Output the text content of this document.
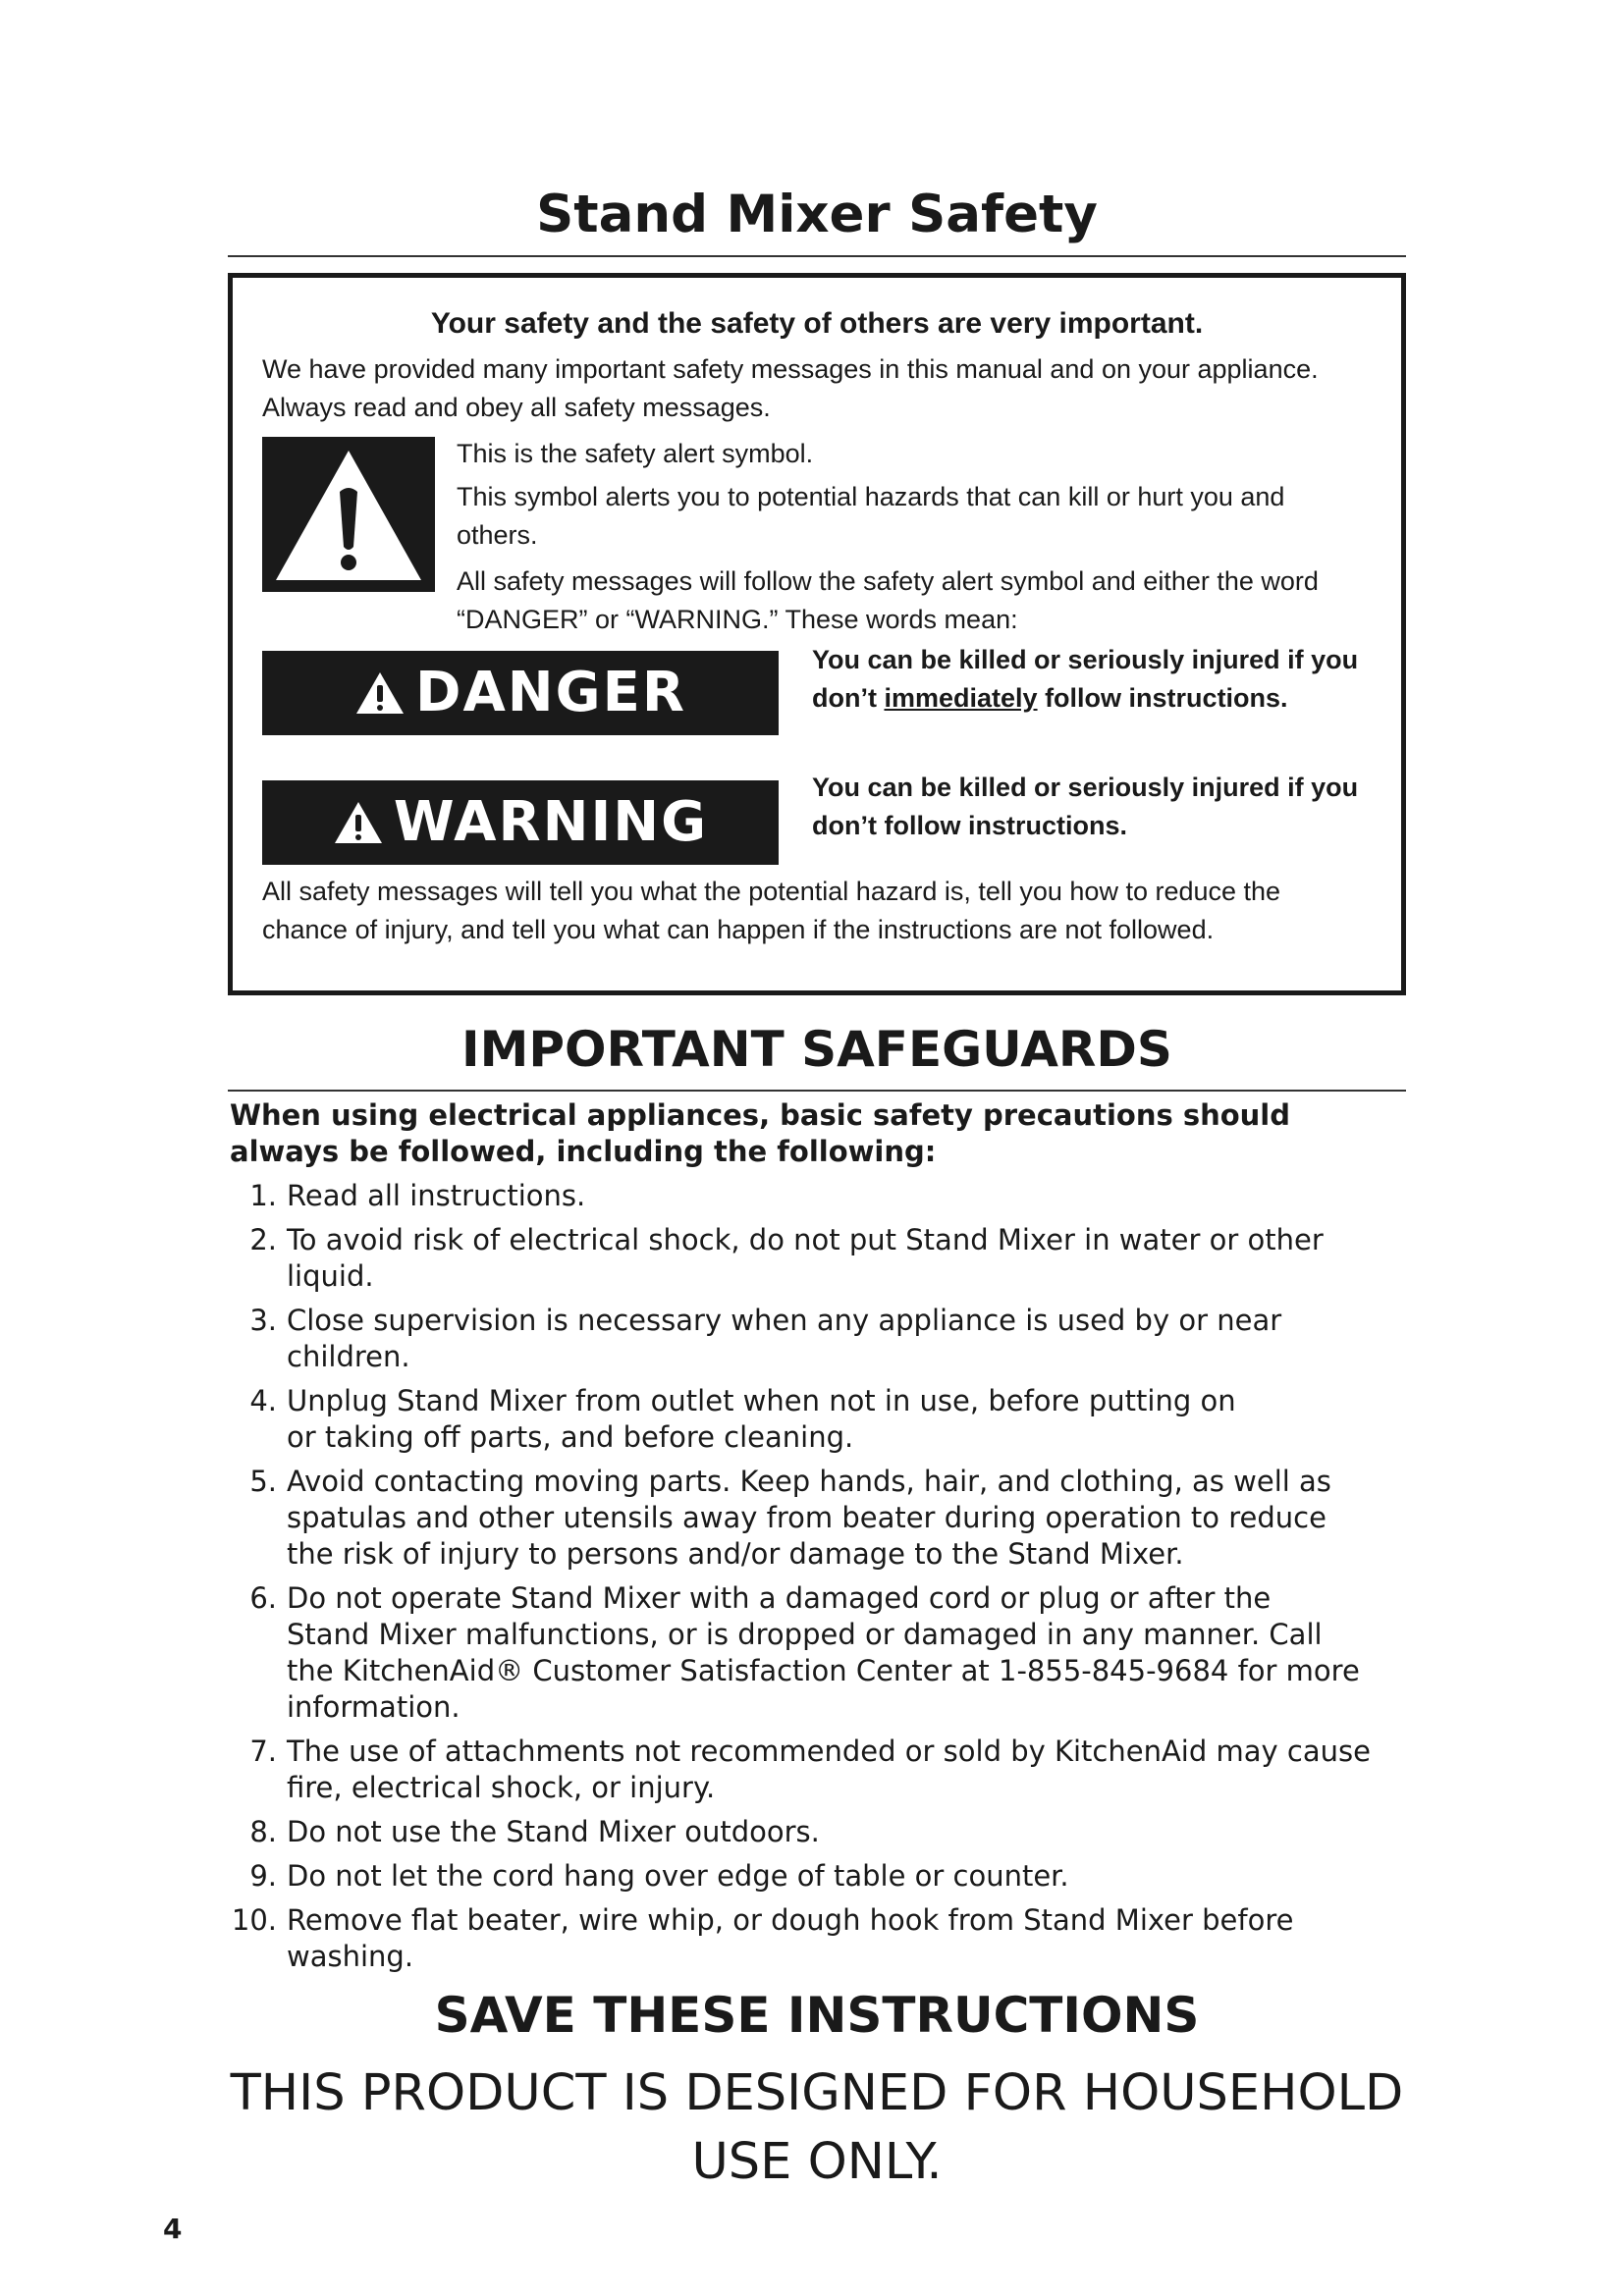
Stand Mixer Safety
Your safety and the safety of others are very important.
We have provided many important safety messages in this manual and on your appliance. Always read and obey all safety messages.
This is the safety alert symbol.
This symbol alerts you to potential hazards that can kill or hurt you and others.
All safety messages will follow the safety alert symbol and either the word “DANGER” or “WARNING.” These words mean:
DANGER
You can be killed or seriously injured if you don’t immediately follow instructions.
WARNING
You can be killed or seriously injured if you don’t follow instructions.
All safety messages will tell you what the potential hazard is, tell you how to reduce the chance of injury, and tell you what can happen if the instructions are not followed.
IMPORTANT SAFEGUARDS
When using electrical appliances, basic safety precautions should always be followed, including the following:
1. Read all instructions.
2. To avoid risk of electrical shock, do not put Stand Mixer in water or other
liquid.
3. Close supervision is necessary when any appliance is used by or near
children.
4. Unplug Stand Mixer from outlet when not in use, before putting on
or taking off parts, and before cleaning.
5. Avoid contacting moving parts. Keep hands, hair, and clothing, as well as
spatulas and other utensils away from beater during operation to reduce
the risk of injury to persons and/or damage to the Stand Mixer.
6. Do not operate Stand Mixer with a damaged cord or plug or after the
Stand Mixer malfunctions, or is dropped or damaged in any manner. Call
the KitchenAid® Customer Satisfaction Center at 1-855-845-9684 for more
information.
7. The use of attachments not recommended or sold by KitchenAid may cause
fire, electrical shock, or injury.
8. Do not use the Stand Mixer outdoors.
9. Do not let the cord hang over edge of table or counter.
10. Remove flat beater, wire whip, or dough hook from Stand Mixer before
washing.
SAVE THESE INSTRUCTIONS
THIS PRODUCT IS DESIGNED FOR HOUSEHOLD USE ONLY.
4
